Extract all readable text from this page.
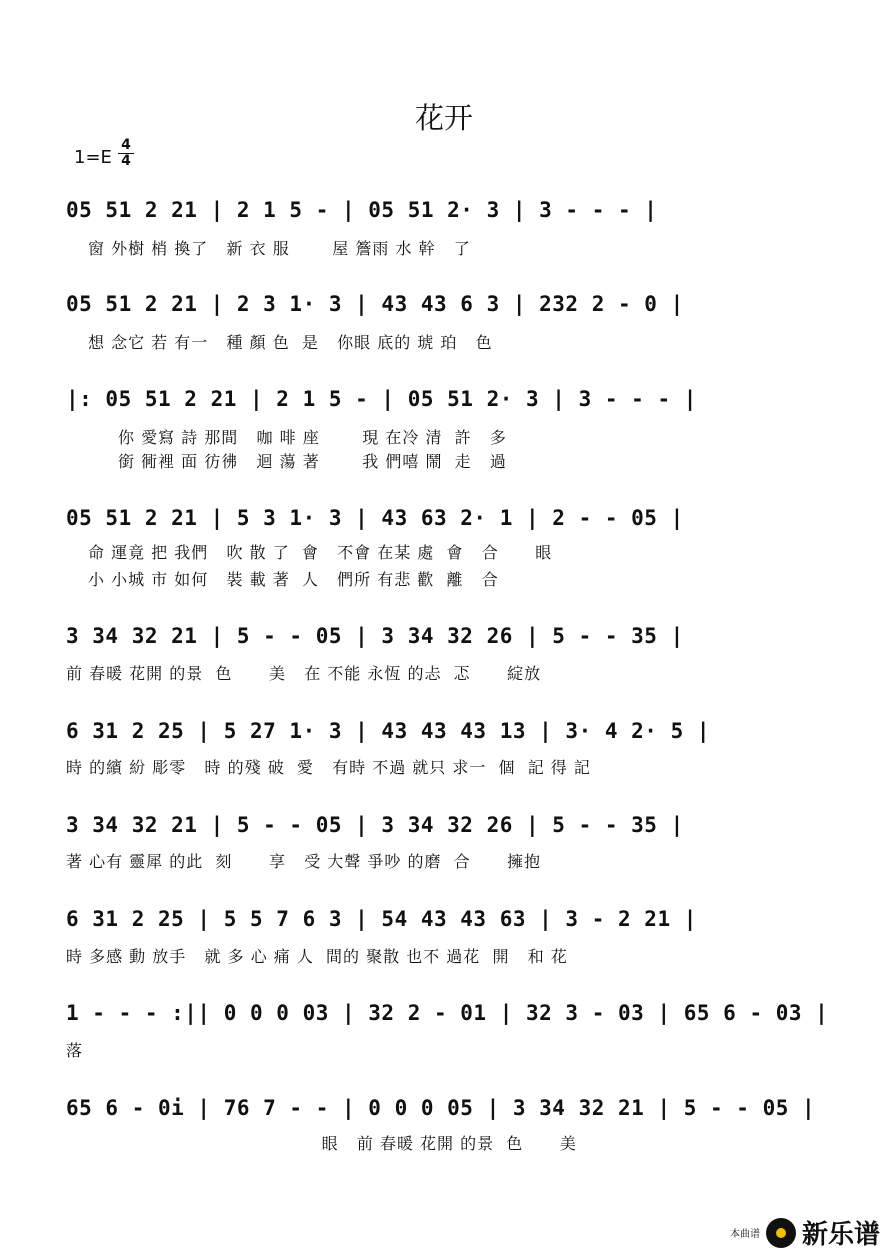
花开
1=E
4
4
05 51 2 21 | 2 1 5 - | 05 51 2· 3 | 3 - - - |
窗 外樹 梢 換了   新 衣 服       屋 簷雨 水 幹   了
05 51 2 21 | 2 3 1· 3 | 43 43 6 3 | 232 2 - 0 |
想 念它 若 有一   種 顏 色  是   你眼 底的 琥 珀   色
|: 05 51 2 21 | 2 1 5 - | 05 51 2· 3 | 3 - - - |
你 愛寫 詩 那間   咖 啡 座       現 在冷 清  許   多
銜 衕裡 面 彷彿   迴 蕩 著       我 們嘻 鬧  走   過
05 51 2 21 | 5 3 1· 3 | 43 63 2· 1 | 2 - - 05 |
命 運竟 把 我們   吹 散 了  會   不會 在某 處  會   合      眼
小 小城 市 如何   裝 載 著  人   們所 有悲 歡  離   合
3 34 32 21 | 5 - - 05 | 3 34 32 26 | 5 - - 35 |
前 春暖 花開 的景  色      美   在 不能 永恆 的忐  忑      綻放
6 31 2 25 | 5 27 1· 3 | 43 43 43 13 | 3· 4 2· 5 |
時 的繽 紛 彫零   時 的殘 破  愛   有時 不過 就只 求一  個  記 得 記
3 34 32 21 | 5 - - 05 | 3 34 32 26 | 5 - - 35 |
著 心有 靈犀 的此  刻      享   受 大聲 爭吵 的磨  合      擁抱
6 31 2 25 | 5 5 7 6 3 | 54 43 43 63 | 3 - 2 21 |
時 多感 動 放手   就 多 心 痛 人  間的 聚散 也不 過花  開   和 花
1 - - - :|| 0 0 0 03 | 32 2 - 01 | 32 3 - 03 | 65 6 - 03 |
落
65 6 - 0i | 76 7 - - | 0 0 0 05 | 3 34 32 21 | 5 - - 05 |
眼   前 春暖 花開 的景  色      美
本曲谱 新乐谱
